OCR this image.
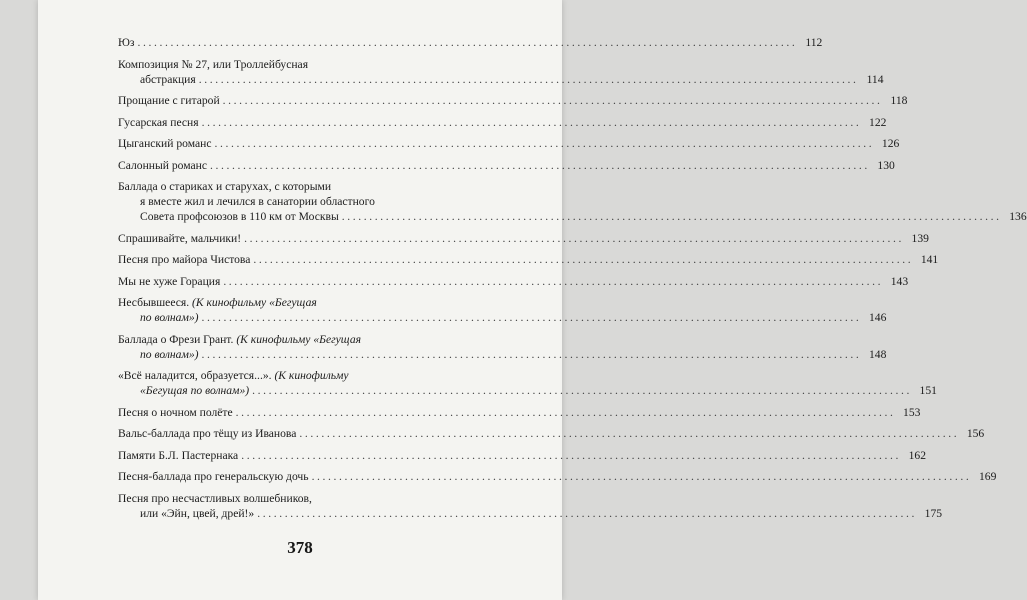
Юз ........................................................................................................................ 112
Композиция № 27, или Троллейбусная
абстракция ........................................................................................................................ 114
Прощание с гитарой ........................................................................................................................ 118
Гусарская песня ........................................................................................................................ 122
Цыганский романс ........................................................................................................................ 126
Салонный романс ........................................................................................................................ 130
Баллада о стариках и старухах, с которыми
я вместе жил и лечился в санатории областного
Совета профсоюзов в 110 км от Москвы ........................................................................................................................ 136
Спрашивайте, мальчики! ........................................................................................................................ 139
Песня про майора Чистова ........................................................................................................................ 141
Мы не хуже Горация ........................................................................................................................ 143
Несбывшееся. (К кинофильму «Бегущая
по волнам») ........................................................................................................................ 146
Баллада о Фрези Грант. (К кинофильму «Бегущая
по волнам») ........................................................................................................................ 148
«Всё наладится, образуется...». (К кинофильму
«Бегущая по волнам») ........................................................................................................................ 151
Песня о ночном полёте ........................................................................................................................ 153
Вальс-баллада про тёщу из Иванова ........................................................................................................................ 156
Памяти Б.Л. Пастернака ........................................................................................................................ 162
Песня-баллада про генеральскую дочь ........................................................................................................................ 169
Песня про несчастливых волшебников,
или «Эйн, цвей, дрей!» ........................................................................................................................ 175
378
